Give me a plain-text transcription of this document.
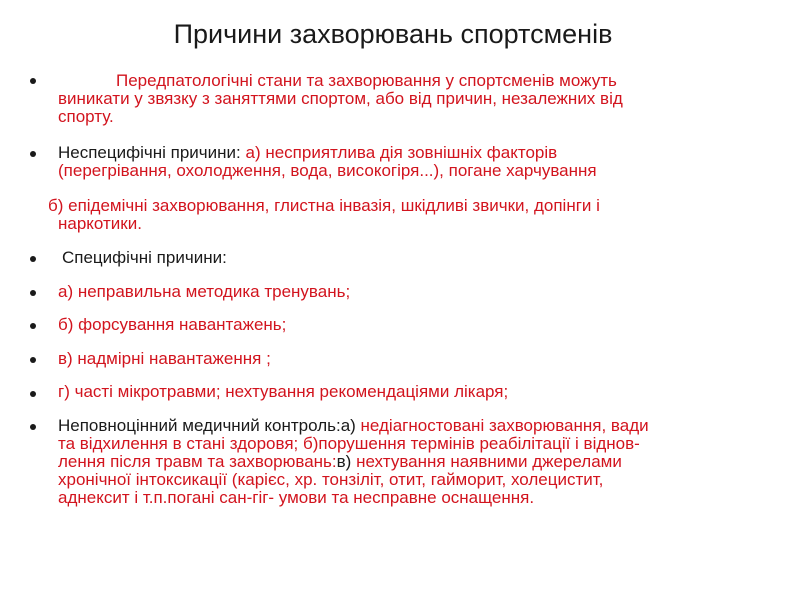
Причини захворювань спортсменів
Передпатологічні стани та захворювання у спортсменів можуть
виникати у звязку з заняттями спортом, або від причин, незалежних від
спорту.
Неспецифічні причини: а) несприятлива дія зовнішніх факторів
(перегрівання, охолодження, вода, високогіря...), погане харчування
б) епідемічні захворювання, глистна інвазія, шкідливі звички, допінги і
наркотики.
Специфічні причини:
а) неправильна методика тренувань;
б) форсування навантажень;
в) надмірні навантаження ;
г) часті мікротравми; нехтування рекомендаціями лікаря;
Неповноцінний медичний контроль:а) недіагностовані захворювання, вади
та відхилення в стані здоровя; б)порушення термінів реабілітації і віднов-
лення після травм та захворювань:в) нехтування наявними джерелами
хронічної інтоксикації (карієс, хр. тонзіліт, отит, гайморит, холецистит,
аднексит і т.п.погані сан-гіг- умови та несправне оснащення.
